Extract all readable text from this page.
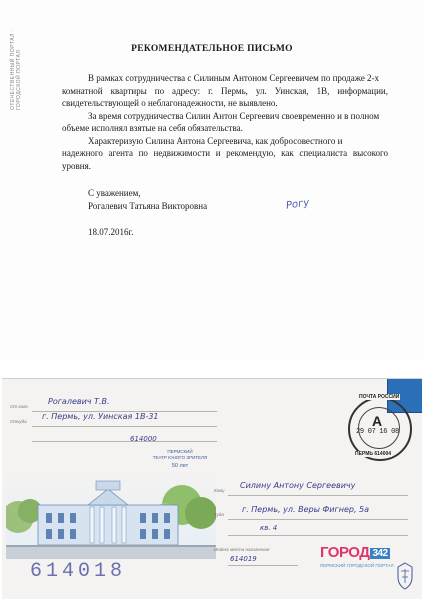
ОТЕЧЕСТВЕННЫЙ ПОРТАЛ · ГОРОДСКОЙ ПОРТАЛ
РЕКОМЕНДАТЕЛЬНОЕ ПИСЬМО
В рамках сотрудничества с Силиным Антоном Сергеевичем по продаже 2-х
комнатной квартиры по адресу: г. Пермь, ул. Уинская, 1В, информации, свидетельствующей о неблагонадежности, не выявлено.
За время сотрудничества Силин Антон Сергеевич своевременно и в полном
объеме исполнял взятые на себя обязательства.
Характеризую Силина Антона Сергеевича, как добросовестного и
надежного агента по недвижимости и рекомендую, как специалиста высокого уровня.
С уважением,
Рогалевич Татьяна Викторовна	Рогу
18.07.2016г.
От кого
Рогалевич Т.В.
Откуда
г. Пермь, ул. Уинская 1В-31
614000
ПЕРМСКИЙ
ТЕАТР ЮНОГО ЗРИТЕЛЯ
50 лет
ПОЧТА РОССИИ
А
29 07 16 08
ПЕРМЬ 614004
Кому
Силину Антону Сергеевичу
Куда
г. Пермь, ул. Веры Фигнер, 5а
кв. 4
Индекс места назначения
614019	ГОРОД 342
ПЕРМСКИЙ ГОРОДСКОЙ ПОРТАЛ
614018
